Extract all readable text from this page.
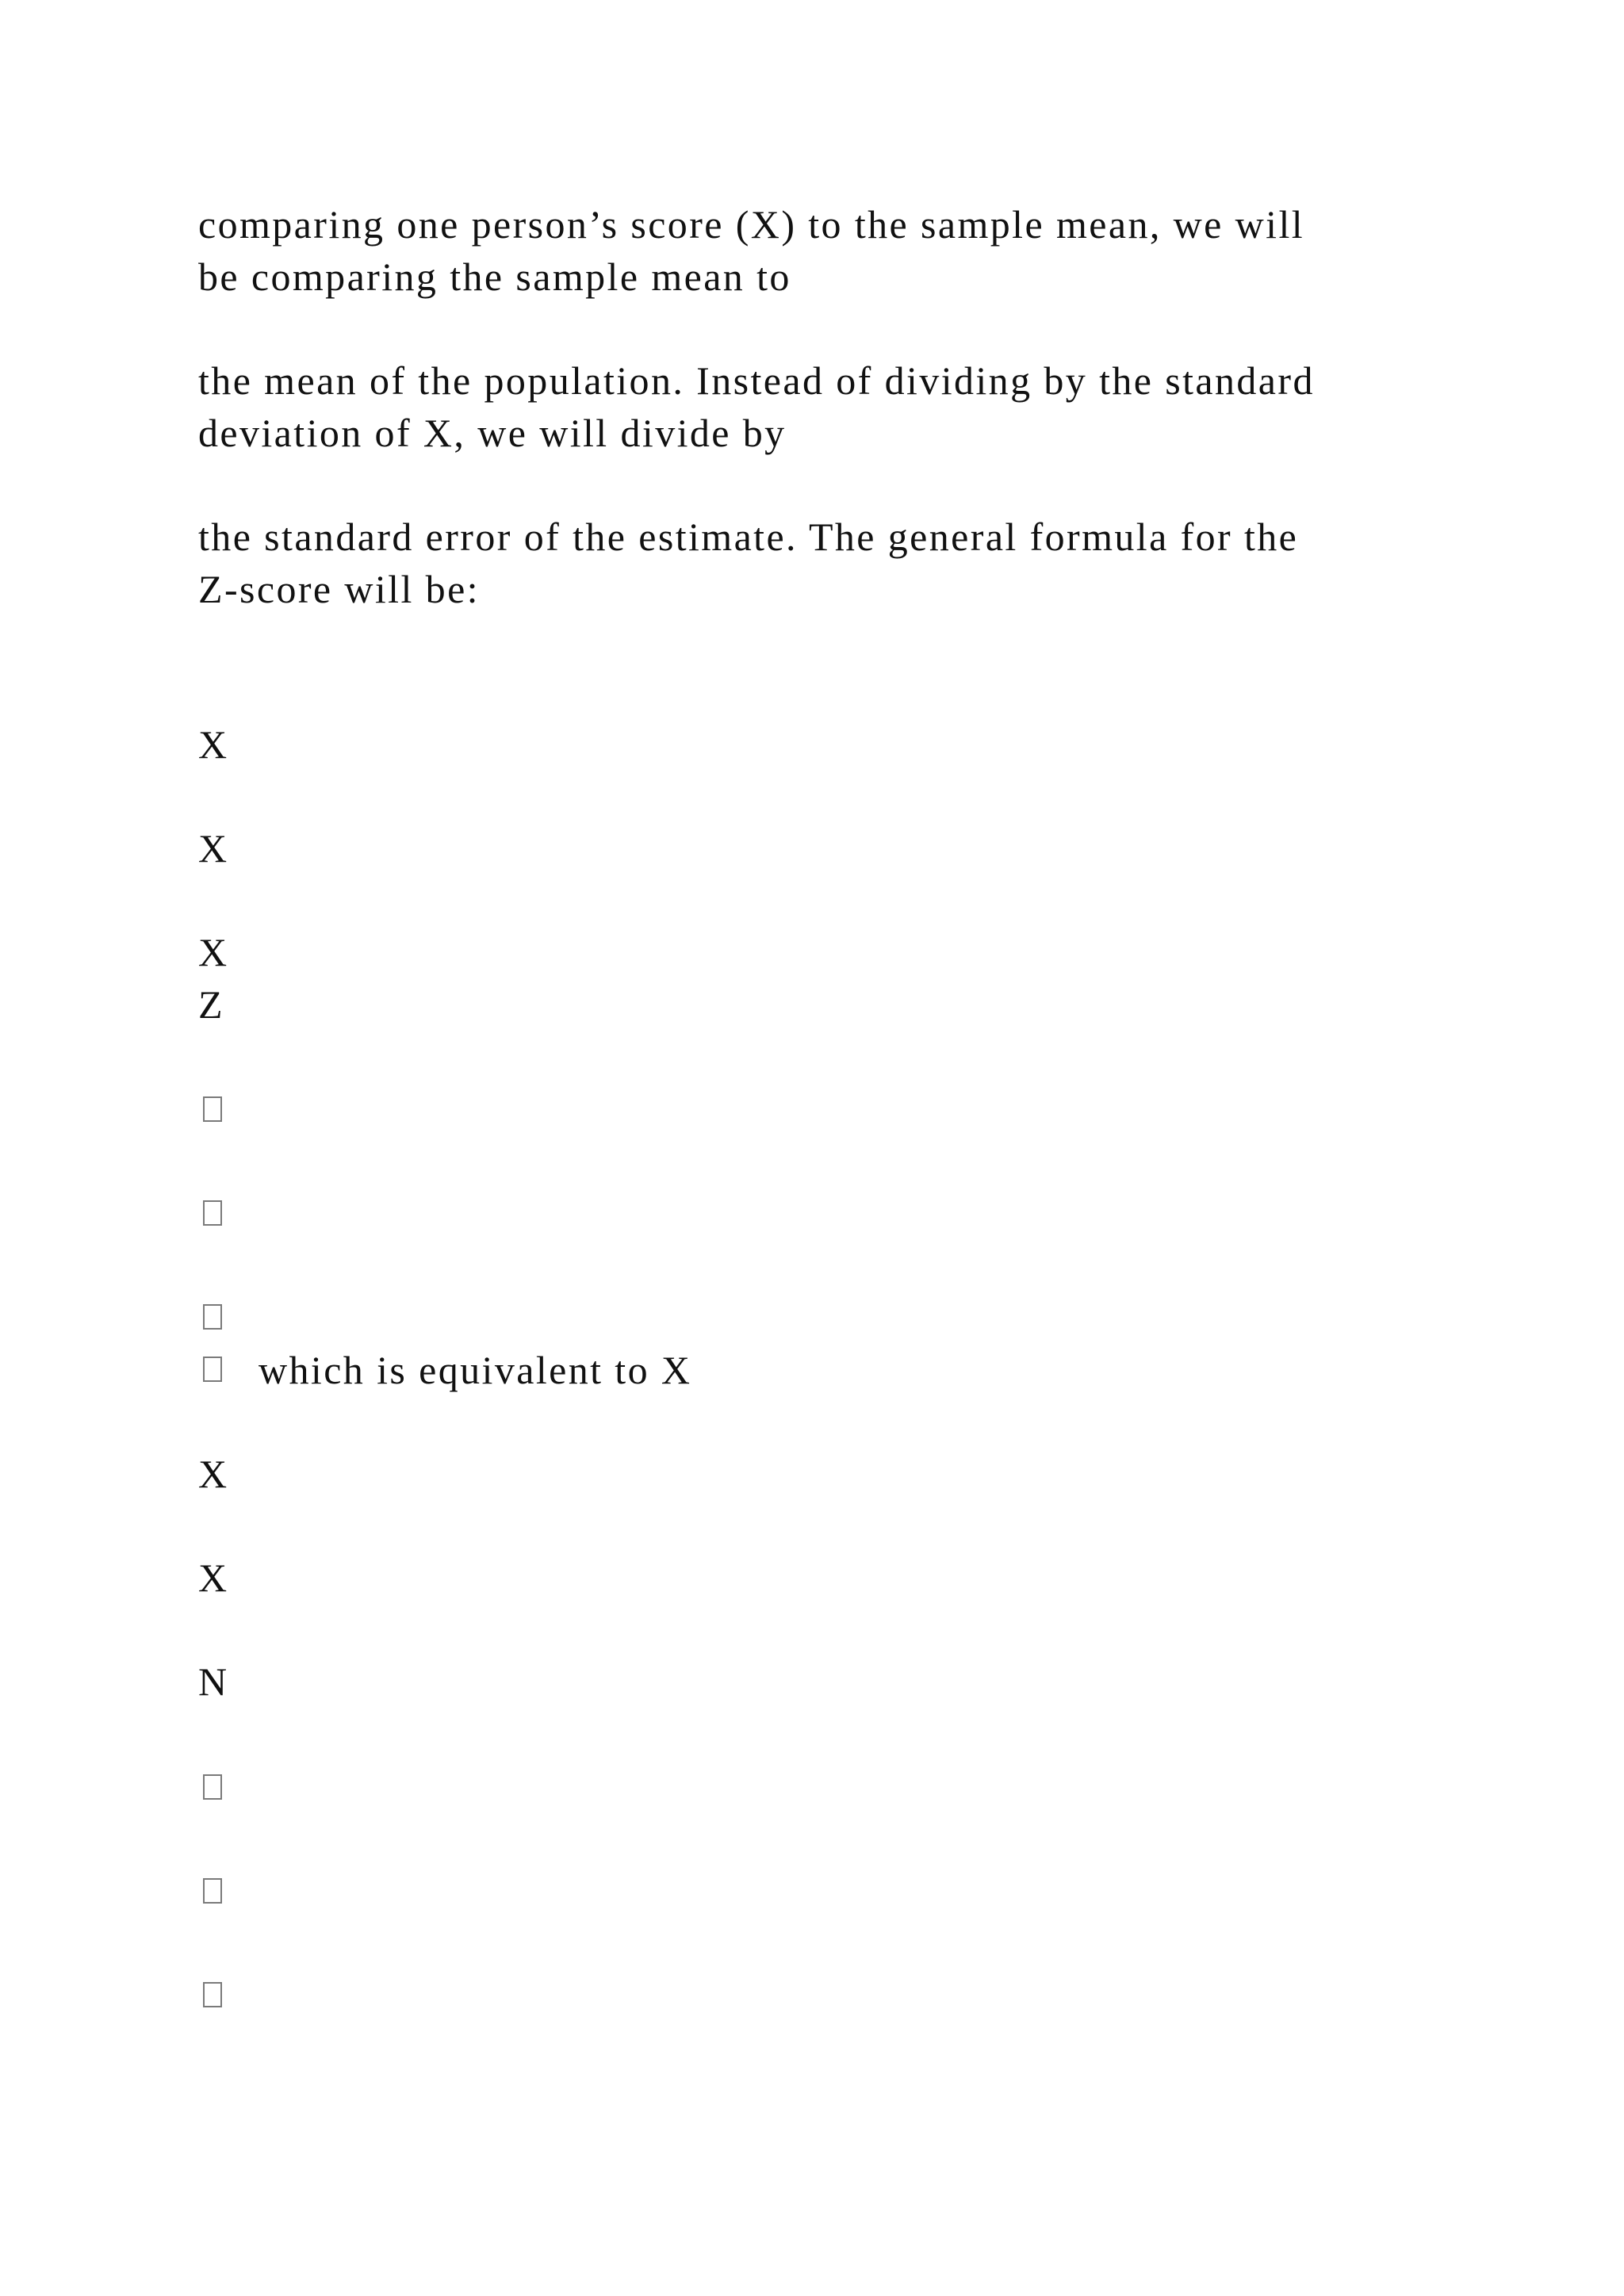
comparing one person’s score (X) to the sample mean, we will
be comparing the sample mean to
the mean of the population. Instead of dividing by the standard
deviation of X, we will divide by
the standard error of the estimate. The general formula for the
Z-score will be:
X
X
X
Z
which is equivalent to X
X
X
N
